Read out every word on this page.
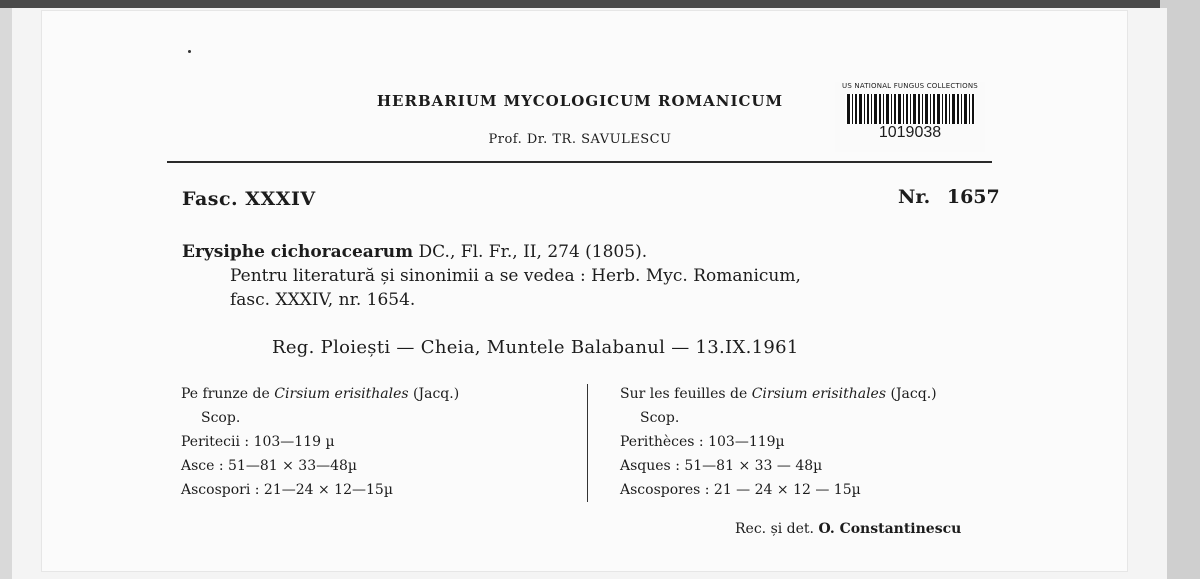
HERBARIUM MYCOLOGICUM ROMANICUM
Prof. Dr. TR. SAVULESCU
US NATIONAL FUNGUS COLLECTIONS
1019038
Fasc. XXXIV	Nr. 1657
Erysiphe cichoracearum DC., Fl. Fr., II, 274 (1805).
Pentru literatură și sinonimii a se vedea : Herb. Myc. Romanicum,
fasc. XXXIV, nr. 1654.
Reg. Ploiești — Cheia, Muntele Balabanul — 13.IX.1961
Pe frunze de Cirsium erisithales (Jacq.)
Scop.
Peritecii : 103—119 µ
Asce : 51—81 × 33—48µ
Ascospori : 21—24 × 12—15µ
Sur les feuilles de Cirsium erisithales (Jacq.)
Scop.
Perithèces : 103—119µ
Asques : 51—81 × 33 — 48µ
Ascospores : 21 — 24 × 12 — 15µ
Rec. și det. O. Constantinescu
